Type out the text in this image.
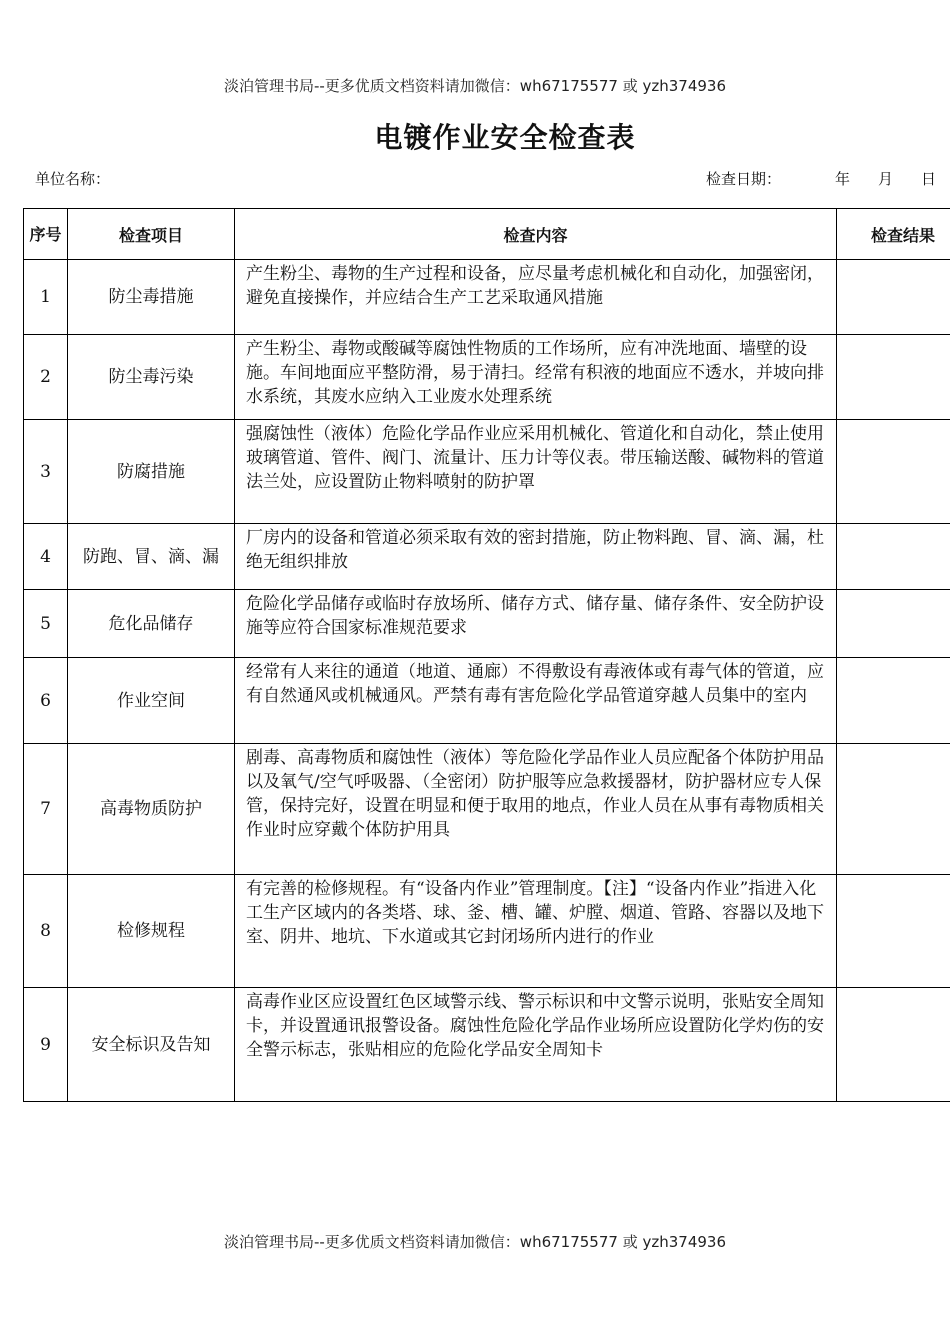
淡泊管理书局--更多优质文档资料请加微信：wh67175577 或 yzh374936
电镀作业安全检查表
单位名称：	检查日期：	年 月 日
序号	检查项目	检查内容	检查结果
1	防尘毒措施	产生粉尘、毒物的生产过程和设备，应尽量考虑机械化和自动化，加强密闭，避免直接操作，并应结合生产工艺采取通风措施	
2	防尘毒污染	产生粉尘、毒物或酸碱等腐蚀性物质的工作场所，应有冲洗地面、墙壁的设施。车间地面应平整防滑，易于清扫。经常有积液的地面应不透水，并坡向排水系统，其废水应纳入工业废水处理系统	
3	防腐措施	强腐蚀性（液体）危险化学品作业应采用机械化、管道化和自动化，禁止使用玻璃管道、管件、阀门、流量计、压力计等仪表。带压输送酸、碱物料的管道法兰处，应设置防止物料喷射的防护罩	
4	防跑、冒、滴、漏	厂房内的设备和管道必须采取有效的密封措施，防止物料跑、冒、滴、漏，杜绝无组织排放	
5	危化品储存	危险化学品储存或临时存放场所、储存方式、储存量、储存条件、安全防护设施等应符合国家标准规范要求	
6	作业空间	经常有人来往的通道（地道、通廊）不得敷设有毒液体或有毒气体的管道，应有自然通风或机械通风。严禁有毒有害危险化学品管道穿越人员集中的室内	
7	高毒物质防护	剧毒、高毒物质和腐蚀性（液体）等危险化学品作业人员应配备个体防护用品以及氧气/空气呼吸器、（全密闭）防护服等应急救援器材，防护器材应专人保管，保持完好，设置在明显和便于取用的地点，作业人员在从事有毒物质相关作业时应穿戴个体防护用具	
8	检修规程	有完善的检修规程。有“设备内作业”管理制度。【注】“设备内作业”指进入化工生产区域内的各类塔、球、釜、槽、罐、炉膛、烟道、管路、容器以及地下室、阴井、地坑、下水道或其它封闭场所内进行的作业	
9	安全标识及告知	高毒作业区应设置红色区域警示线、警示标识和中文警示说明，张贴安全周知卡，并设置通讯报警设备。腐蚀性危险化学品作业场所应设置防化学灼伤的安全警示标志，张贴相应的危险化学品安全周知卡	
淡泊管理书局--更多优质文档资料请加微信：wh67175577 或 yzh374936
